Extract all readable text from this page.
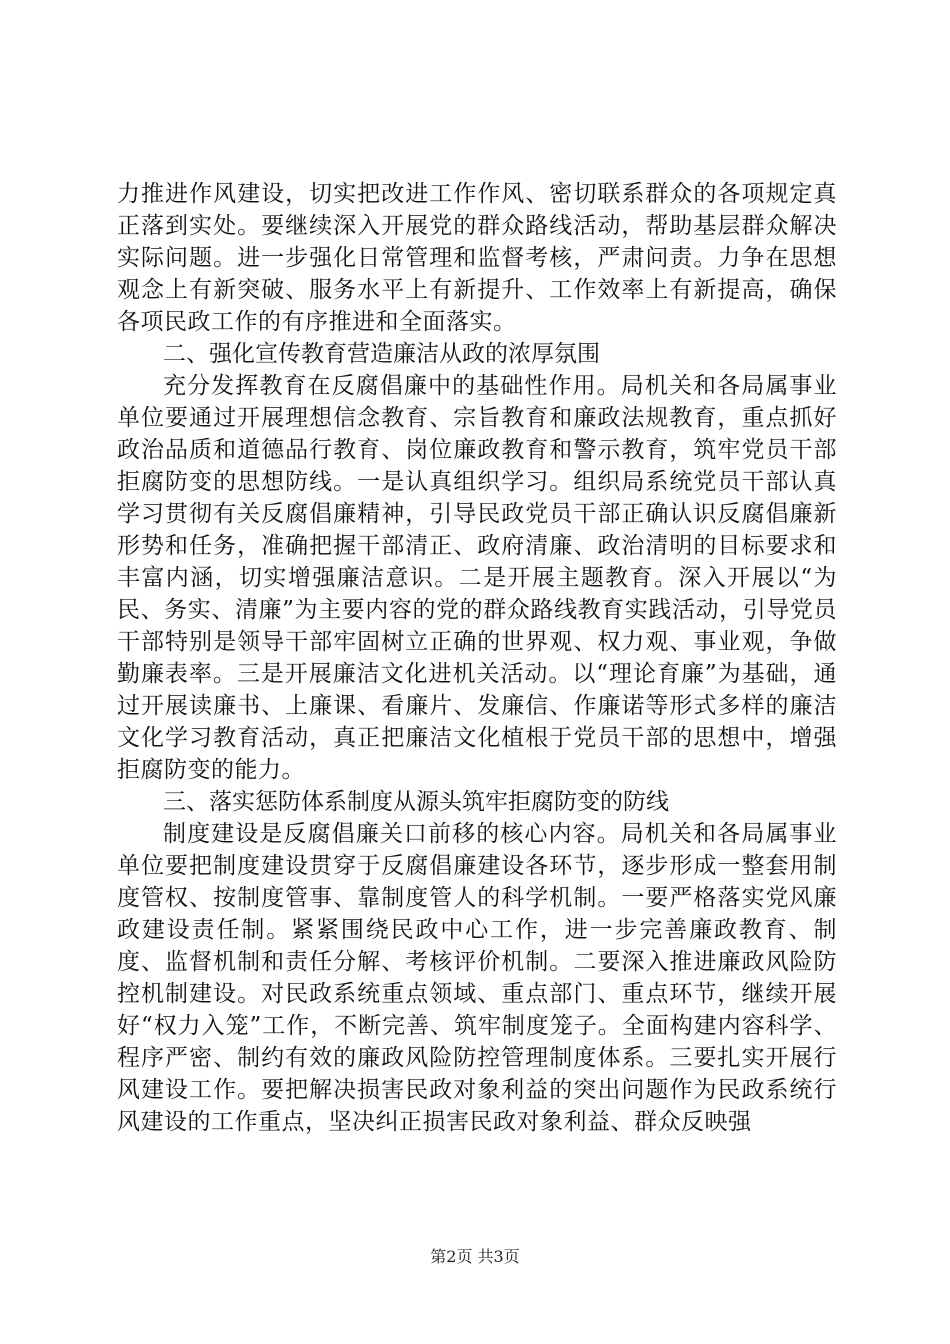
力推进作风建设，切实把改进工作作风、密切联系群众的各项规定真正落到实处。要继续深入开展党的群众路线活动，帮助基层群众解决实际问题。进一步强化日常管理和监督考核，严肃问责。力争在思想观念上有新突破、服务水平上有新提升、工作效率上有新提高，确保各项民政工作的有序推进和全面落实。

二、强化宣传教育营造廉洁从政的浓厚氛围

充分发挥教育在反腐倡廉中的基础性作用。局机关和各局属事业单位要通过开展理想信念教育、宗旨教育和廉政法规教育，重点抓好政治品质和道德品行教育、岗位廉政教育和警示教育，筑牢党员干部拒腐防变的思想防线。一是认真组织学习。组织局系统党员干部认真学习贯彻有关反腐倡廉精神，引导民政党员干部正确认识反腐倡廉新形势和任务，准确把握干部清正、政府清廉、政治清明的目标要求和丰富内涵，切实增强廉洁意识。二是开展主题教育。深入开展以“为民、务实、清廉”为主要内容的党的群众路线教育实践活动，引导党员干部特别是领导干部牢固树立正确的世界观、权力观、事业观，争做勤廉表率。三是开展廉洁文化进机关活动。以“理论育廉”为基础，通过开展读廉书、上廉课、看廉片、发廉信、作廉诺等形式多样的廉洁文化学习教育活动，真正把廉洁文化植根于党员干部的思想中，增强拒腐防变的能力。

三、落实惩防体系制度从源头筑牢拒腐防变的防线

制度建设是反腐倡廉关口前移的核心内容。局机关和各局属事业单位要把制度建设贯穿于反腐倡廉建设各环节，逐步形成一整套用制度管权、按制度管事、靠制度管人的科学机制。一要严格落实党风廉政建设责任制。紧紧围绕民政中心工作，进一步完善廉政教育、制度、监督机制和责任分解、考核评价机制。二要深入推进廉政风险防控机制建设。对民政系统重点领域、重点部门、重点环节，继续开展好“权力入笼”工作，不断完善、筑牢制度笼子。全面构建内容科学、程序严密、制约有效的廉政风险防控管理制度体系。三要扎实开展行风建设工作。要把解决损害民政对象利益的突出问题作为民政系统行风建设的工作重点，坚决纠正损害民政对象利益、群众反映强

第2页 共3页
